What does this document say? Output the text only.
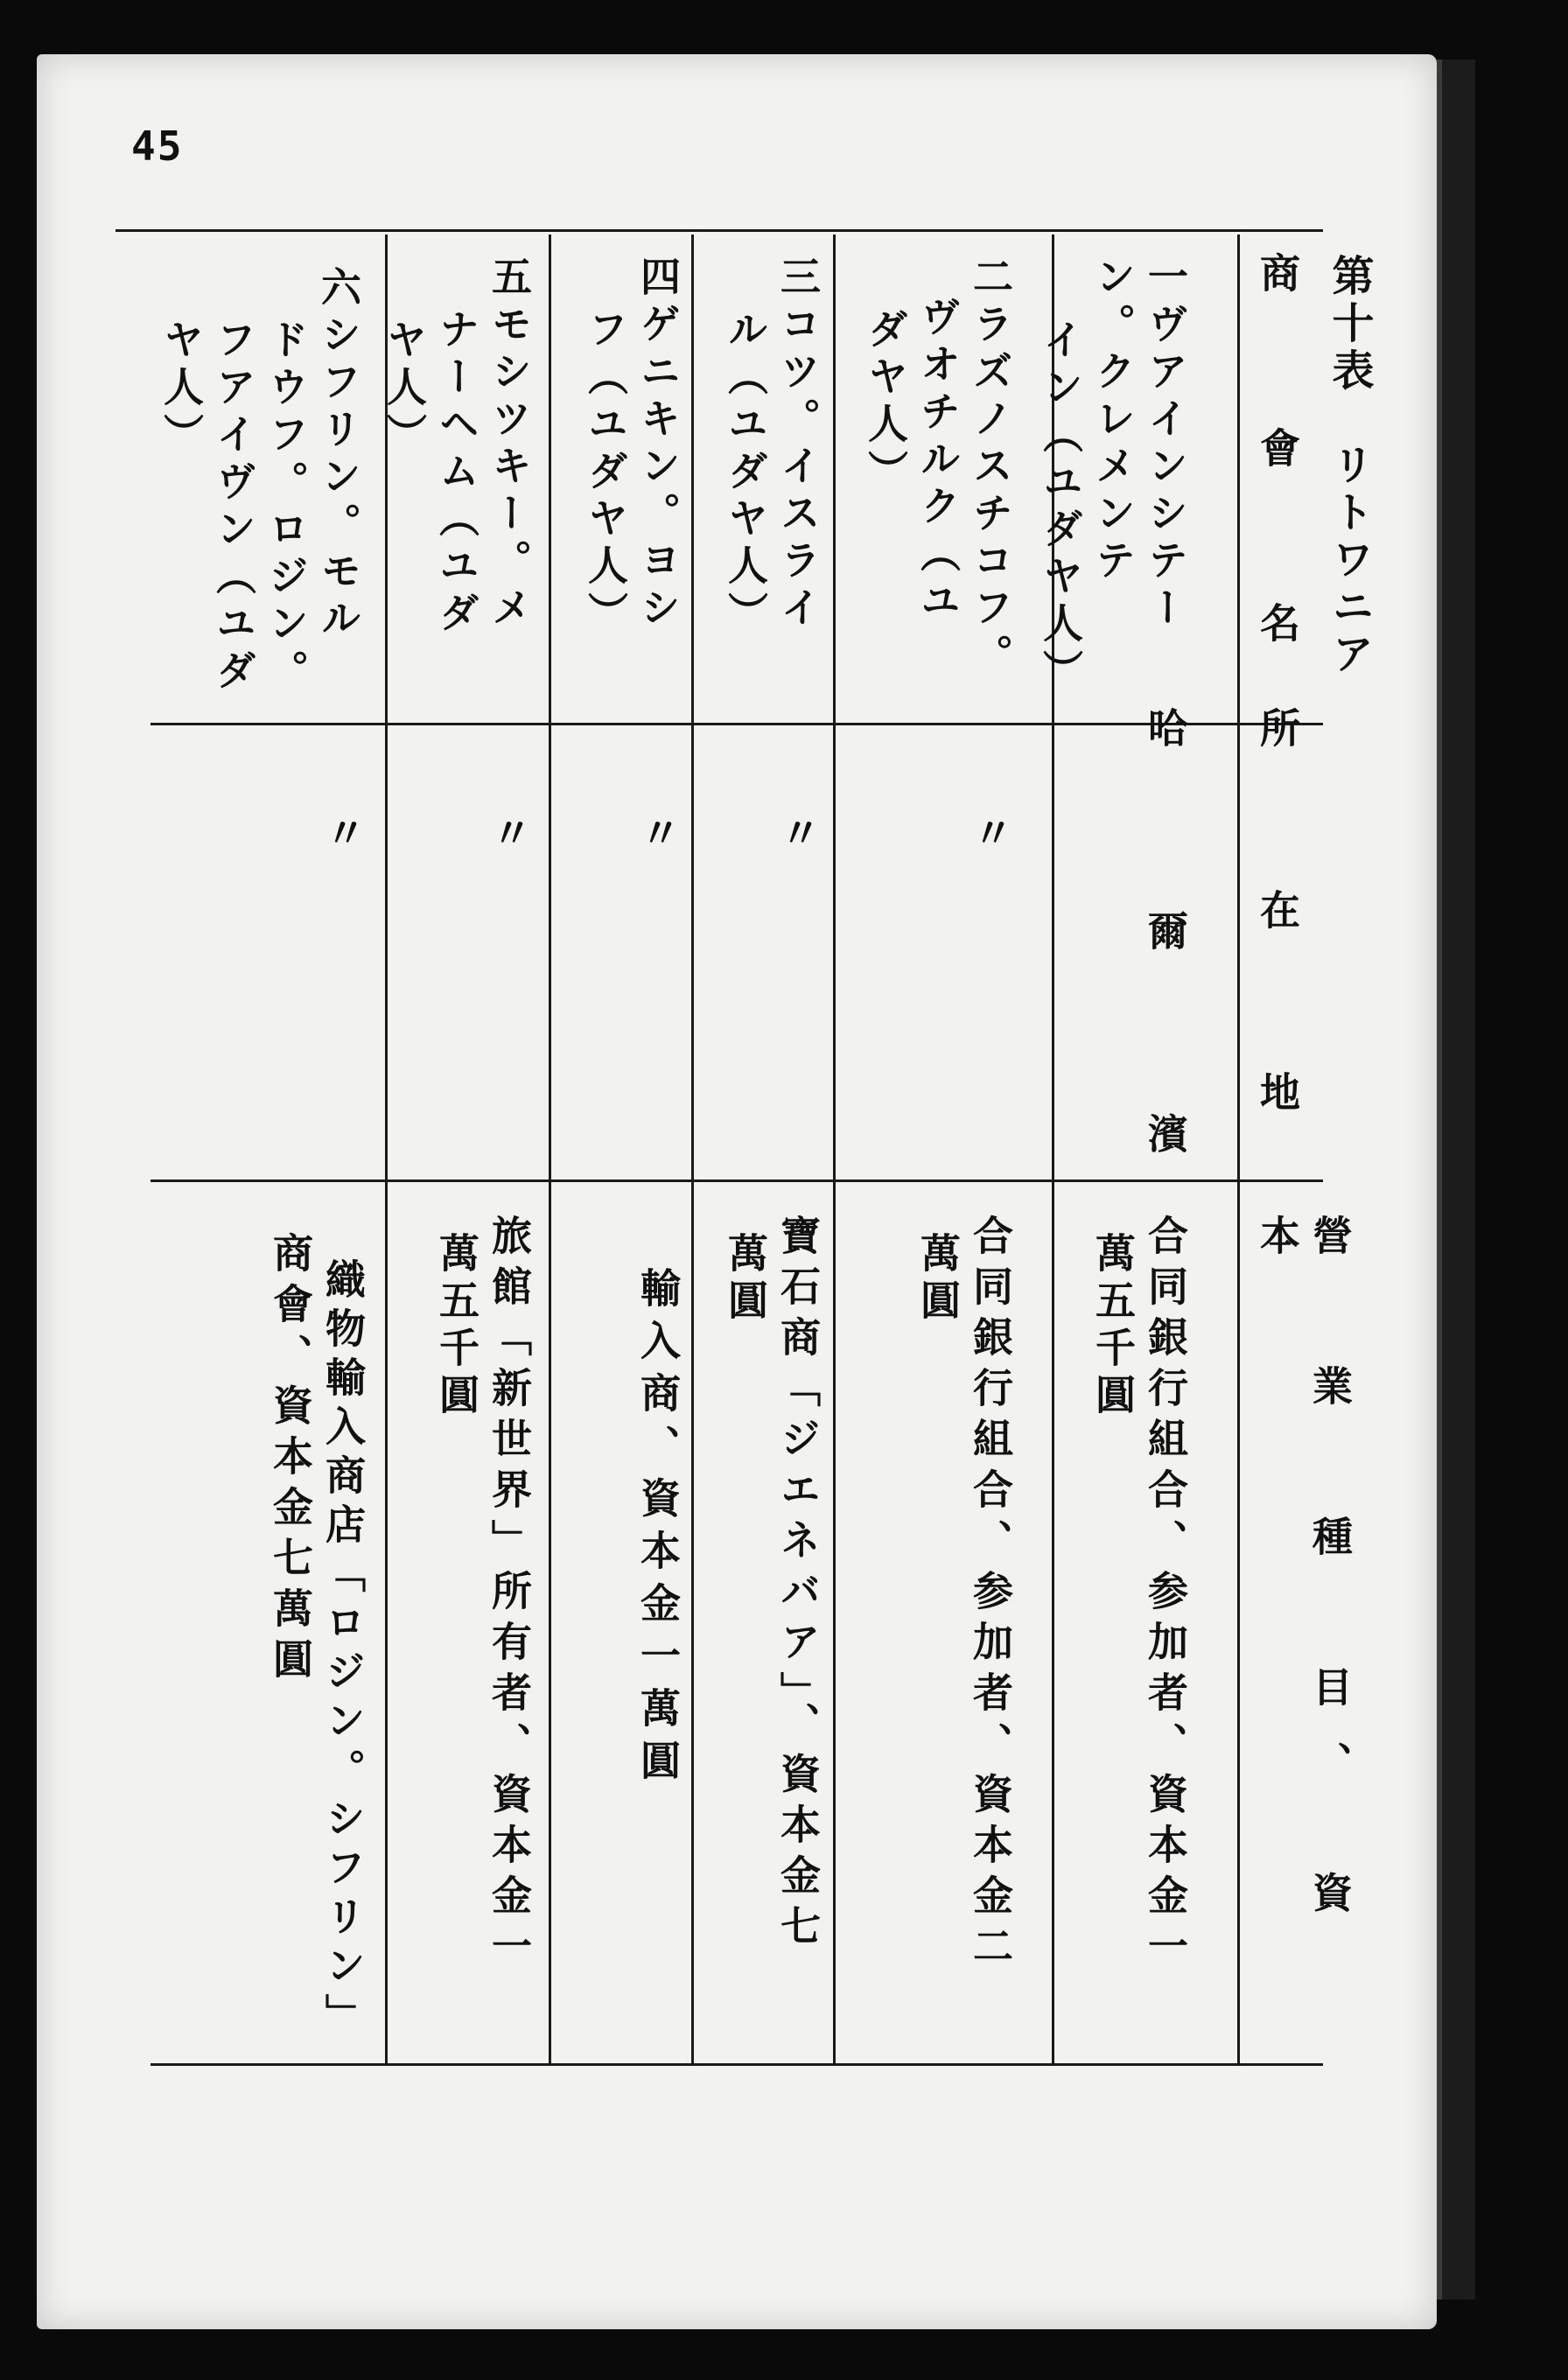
45
第十表　リトワニア
商　會　名
所　在　地
營　業　種　目、　資　本
一ヴアインシテー
ン。クレメンテ
イン（ユダヤ人）
哈　爾　濱
合同銀行組合、参加者、資本金一
萬五千圓
二ラズノスチコフ。
ヴオチルク（ユ
ダヤ人）
〃
合同銀行組合、参加者、資本金二
萬圓
三コツ。イスライ
ル（ユダヤ人）
〃
寶石商「ジエネバア」、資本金七
萬圓
四ゲニキン。ヨシ
フ（ユダヤ人）
〃
輸入商、資本金一萬圓
五モシツキー。メ
ナーヘム（ユダ
ヤ人）
〃
旅館「新世界」所有者、資本金一
萬五千圓
六シフリン。モル
ドウフ。ロジン。
フアイヴン（ユダ
ヤ人）
〃
織物輸入商店「ロジン。シフリン」
商會、資本金七萬圓
